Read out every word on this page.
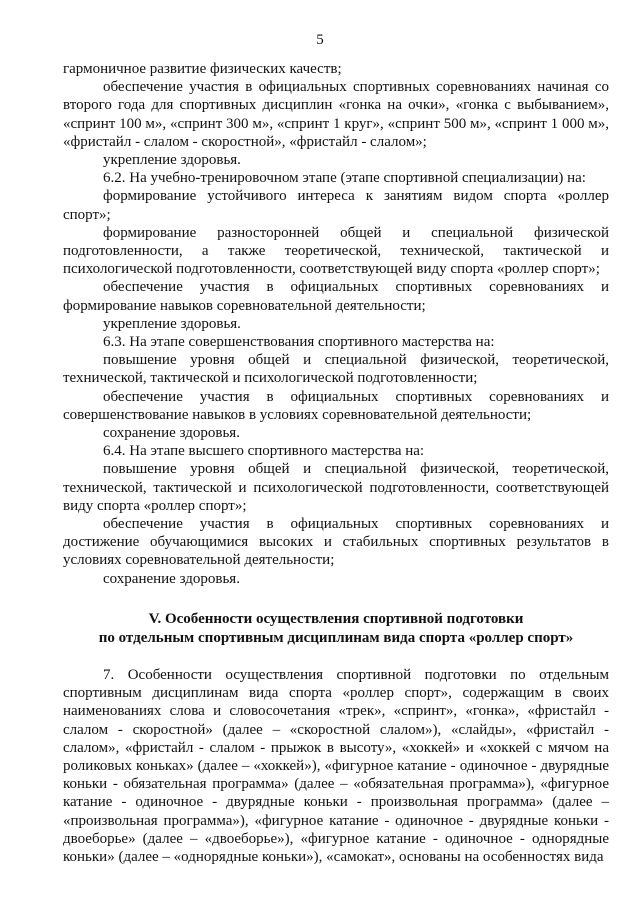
5

гармоничное развитие физических качеств;

обеспечение участия в официальных спортивных соревнованиях начиная со второго года для спортивных дисциплин «гонка на очки», «гонка с выбыванием», «спринт 100 м», «спринт 300 м», «спринт 1 круг», «спринт 500 м», «спринт 1 000 м», «фристайл - слалом - скоростной», «фристайл - слалом»;

укрепление здоровья.

6.2. На учебно-тренировочном этапе (этапе спортивной специализации) на:

формирование устойчивого интереса к занятиям видом спорта «роллер спорт»;

формирование разносторонней общей и специальной физической подготовленности, а также теоретической, технической, тактической и психологической подготовленности, соответствующей виду спорта «роллер спорт»;

обеспечение участия в официальных спортивных соревнованиях и формирование навыков соревновательной деятельности;

укрепление здоровья.

6.3. На этапе совершенствования спортивного мастерства на:

повышение уровня общей и специальной физической, теоретической, технической, тактической и психологической подготовленности;

обеспечение участия в официальных спортивных соревнованиях и совершенствование навыков в условиях соревновательной деятельности;

сохранение здоровья.

6.4. На этапе высшего спортивного мастерства на:

повышение уровня общей и специальной физической, теоретической, технической, тактической и психологической подготовленности, соответствующей виду спорта «роллер спорт»;

обеспечение участия в официальных спортивных соревнованиях и достижение обучающимися высоких и стабильных спортивных результатов в условиях соревновательной деятельности;

сохранение здоровья.

V. Особенности осуществления спортивной подготовки
по отдельным спортивным дисциплинам вида спорта «роллер спорт»

7. Особенности осуществления спортивной подготовки по отдельным спортивным дисциплинам вида спорта «роллер спорт», содержащим в своих наименованиях слова и словосочетания «трек», «спринт», «гонка», «фристайл - слалом - скоростной» (далее – «скоростной слалом»), «слайды», «фристайл - слалом», «фристайл - слалом - прыжок в высоту», «хоккей» и «хоккей с мячом на роликовых коньках» (далее – «хоккей»), «фигурное катание - одиночное - двурядные коньки - обязательная программа» (далее – «обязательная программа»), «фигурное катание - одиночное - двурядные коньки - произвольная программа» (далее – «произвольная программа»), «фигурное катание - одиночное - двурядные коньки - двоеборье» (далее – «двоеборье»), «фигурное катание - одиночное - однорядные коньки» (далее – «однорядные коньки»), «самокат», основаны на особенностях вида
